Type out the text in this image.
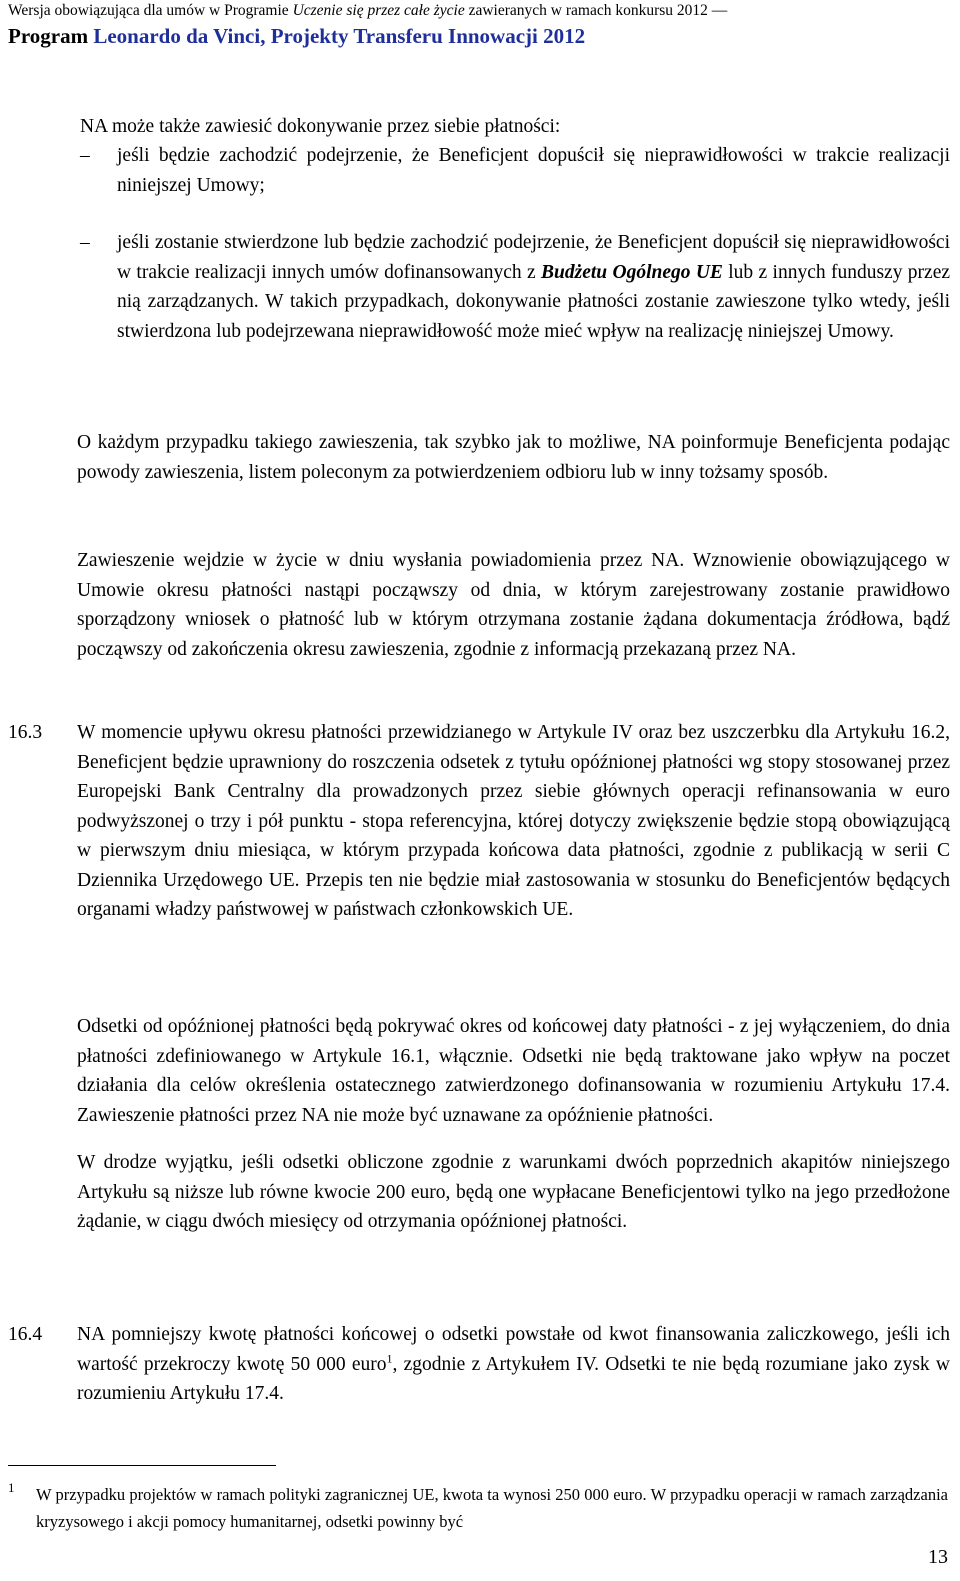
Wersja obowiązująca dla umów w Programie Uczenie się przez całe życie zawieranych w ramach konkursu 2012 ―
Program Leonardo da Vinci, Projekty Transferu Innowacji 2012
NA może także zawiesić dokonywanie przez siebie płatności:
– jeśli będzie zachodzić podejrzenie, że Beneficjent dopuścił się nieprawidłowości w trakcie realizacji niniejszej Umowy;
– jeśli zostanie stwierdzone lub będzie zachodzić podejrzenie, że Beneficjent dopuścił się nieprawidłowości w trakcie realizacji innych umów dofinansowanych z Budżetu Ogólnego UE lub z innych funduszy przez nią zarządzanych. W takich przypadkach, dokonywanie płatności zostanie zawieszone tylko wtedy, jeśli stwierdzona lub podejrzewana nieprawidłowość może mieć wpływ na realizację niniejszej Umowy.
O każdym przypadku takiego zawieszenia, tak szybko jak to możliwe, NA poinformuje Beneficjenta podając powody zawieszenia, listem poleconym za potwierdzeniem odbioru lub w inny tożsamy sposób.
Zawieszenie wejdzie w życie w dniu wysłania powiadomienia przez NA. Wznowienie obowiązującego w Umowie okresu płatności nastąpi począwszy od dnia, w którym zarejestrowany zostanie prawidłowo sporządzony wniosek o płatność lub w którym otrzymana zostanie żądana dokumentacja źródłowa, bądź począwszy od zakończenia okresu zawieszenia, zgodnie z informacją przekazaną przez NA.
16.3 W momencie upływu okresu płatności przewidzianego w Artykule IV oraz bez uszczerbku dla Artykułu 16.2, Beneficjent będzie uprawniony do roszczenia odsetek z tytułu opóźnionej płatności wg stopy stosowanej przez Europejski Bank Centralny dla prowadzonych przez siebie głównych operacji refinansowania w euro podwyższonej o trzy i pół punktu - stopa referencyjna, której dotyczy zwiększenie będzie stopą obowiązującą w pierwszym dniu miesiąca, w którym przypada końcowa data płatności, zgodnie z publikacją w serii C Dziennika Urzędowego UE. Przepis ten nie będzie miał zastosowania w stosunku do Beneficjentów będących organami władzy państwowej w państwach członkowskich UE.
Odsetki od opóźnionej płatności będą pokrywać okres od końcowej daty płatności - z jej wyłączeniem, do dnia płatności zdefiniowanego w Artykule 16.1, włącznie. Odsetki nie będą traktowane jako wpływ na poczet działania dla celów określenia ostatecznego zatwierdzonego dofinansowania w rozumieniu Artykułu 17.4. Zawieszenie płatności przez NA nie może być uznawane za opóźnienie płatności.
W drodze wyjątku, jeśli odsetki obliczone zgodnie z warunkami dwóch poprzednich akapitów niniejszego Artykułu są niższe lub równe kwocie 200 euro, będą one wypłacane Beneficjentowi tylko na jego przedłożone żądanie, w ciągu dwóch miesięcy od otrzymania opóźnionej płatności.
16.4 NA pomniejszy kwotę płatności końcowej o odsetki powstałe od kwot finansowania zaliczkowego, jeśli ich wartość przekroczy kwotę 50 000 euro$^1$, zgodnie z Artykułem IV. Odsetki te nie będą rozumiane jako zysk w rozumieniu Artykułu 17.4.
1 W przypadku projektów w ramach polityki zagranicznej UE, kwota ta wynosi 250 000 euro. W przypadku operacji w ramach zarządzania kryzysowego i akcji pomocy humanitarnej, odsetki powinny być
13
